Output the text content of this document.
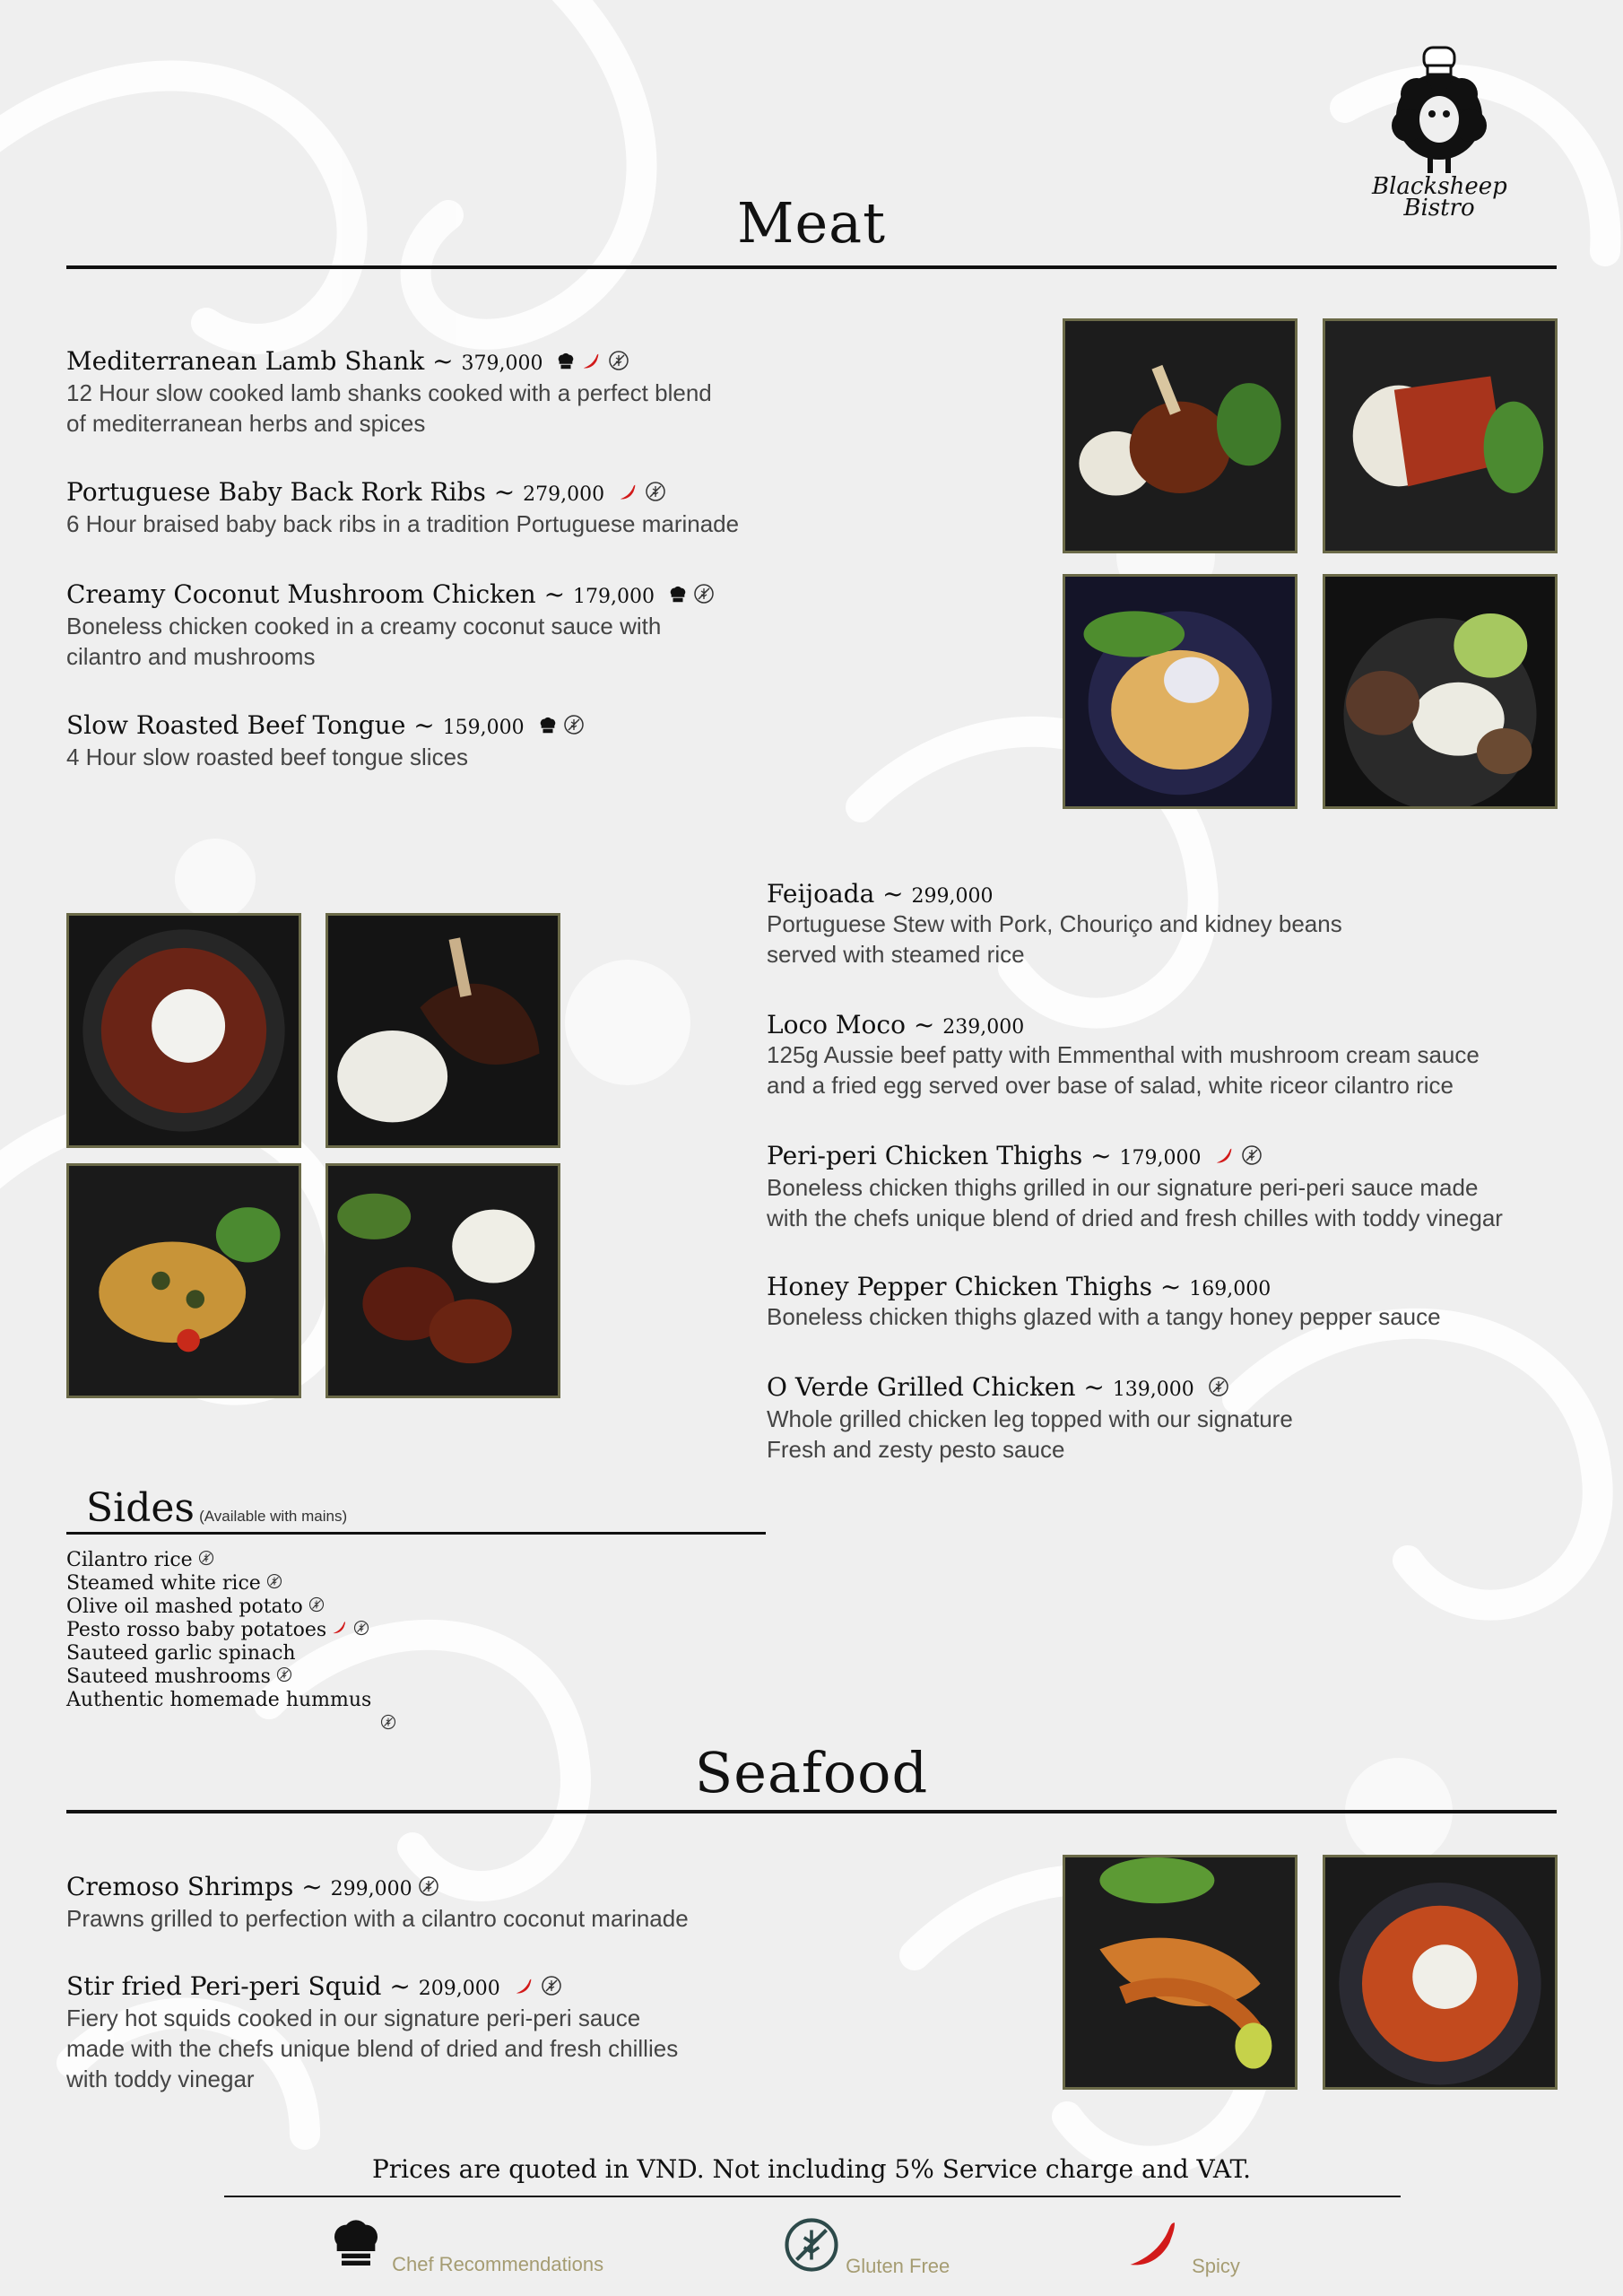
Blacksheep
Bistro
Meat
Mediterranean Lamb Shank ~ 379,000
12 Hour slow cooked lamb shanks cooked with a perfect blend
of mediterranean herbs and spices
Portuguese Baby Back Rork Ribs ~ 279,000
6 Hour braised baby back ribs in a tradition Portuguese marinade
Creamy Coconut Mushroom Chicken ~ 179,000
Boneless chicken cooked in a creamy coconut sauce with
cilantro and mushrooms
Slow Roasted Beef Tongue ~ 159,000
4 Hour slow roasted beef tongue slices
Feijoada ~ 299,000
Portuguese Stew with Pork, Chouriço and kidney beans
served with steamed rice
Loco Moco ~ 239,000
125g Aussie beef patty with Emmenthal with mushroom cream sauce
and a fried egg served over base of salad, white riceor cilantro rice
Peri-peri Chicken Thighs ~ 179,000
Boneless chicken thighs grilled in our signature peri-peri sauce made
with the chefs unique blend of dried and fresh chilles with toddy vinegar
Honey Pepper Chicken Thighs ~ 169,000
Boneless chicken thighs glazed with a tangy honey pepper sauce
O Verde Grilled Chicken ~ 139,000
Whole grilled chicken leg topped with our signature
Fresh and zesty pesto sauce
Sides (Available with mains)
Cilantro rice
Steamed white rice
Olive oil mashed potato
Pesto rosso baby potatoes
Sauteed garlic spinach
Sauteed mushrooms
Authentic homemade hummus
Seafood
Cremoso Shrimps ~ 299,000
Prawns grilled to perfection with a cilantro coconut marinade
Stir fried Peri-peri Squid ~ 209,000
Fiery hot squids cooked in our signature peri-peri sauce
made with the chefs unique blend of dried and fresh chillies
with toddy vinegar
Prices are quoted in VND. Not including 5% Service charge and VAT.
Chef Recommendations	Gluten Free	Spicy
